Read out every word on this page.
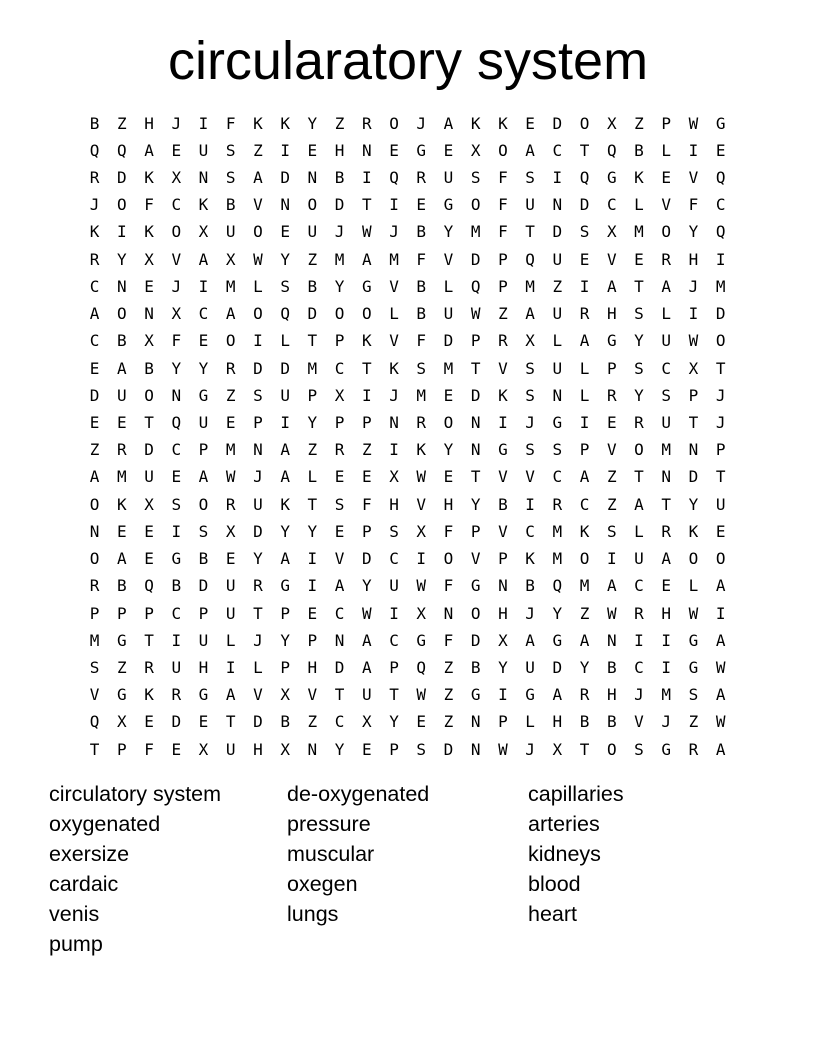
circularatory system
B	Z	H	J	I	F	K	K	Y	Z	R	O	J	A	K	K	E	D	O	X	Z	P	W	G
Q	Q	A	E	U	S	Z	I	E	H	N	E	G	E	X	O	A	C	T	Q	B	L	I	E
R	D	K	X	N	S	A	D	N	B	I	Q	R	U	S	F	S	I	Q	G	K	E	V	Q
J	O	F	C	K	B	V	N	O	D	T	I	E	G	O	F	U	N	D	C	L	V	F	C
K	I	K	O	X	U	O	E	U	J	W	J	B	Y	M	F	T	D	S	X	M	O	Y	Q
R	Y	X	V	A	X	W	Y	Z	M	A	M	F	V	D	P	Q	U	E	V	E	R	H	I
C	N	E	J	I	M	L	S	B	Y	G	V	B	L	Q	P	M	Z	I	A	T	A	J	M
A	O	N	X	C	A	O	Q	D	O	O	L	B	U	W	Z	A	U	R	H	S	L	I	D
C	B	X	F	E	O	I	L	T	P	K	V	F	D	P	R	X	L	A	G	Y	U	W	O
E	A	B	Y	Y	R	D	D	M	C	T	K	S	M	T	V	S	U	L	P	S	C	X	T
D	U	O	N	G	Z	S	U	P	X	I	J	M	E	D	K	S	N	L	R	Y	S	P	J
E	E	T	Q	U	E	P	I	Y	P	P	N	R	O	N	I	J	G	I	E	R	U	T	J
Z	R	D	C	P	M	N	A	Z	R	Z	I	K	Y	N	G	S	S	P	V	O	M	N	P
A	M	U	E	A	W	J	A	L	E	E	X	W	E	T	V	V	C	A	Z	T	N	D	T
O	K	X	S	O	R	U	K	T	S	F	H	V	H	Y	B	I	R	C	Z	A	T	Y	U
N	E	E	I	S	X	D	Y	Y	E	P	S	X	F	P	V	C	M	K	S	L	R	K	E
O	A	E	G	B	E	Y	A	I	V	D	C	I	O	V	P	K	M	O	I	U	A	O	O
R	B	Q	B	D	U	R	G	I	A	Y	U	W	F	G	N	B	Q	M	A	C	E	L	A
P	P	P	C	P	U	T	P	E	C	W	I	X	N	O	H	J	Y	Z	W	R	H	W	I
M	G	T	I	U	L	J	Y	P	N	A	C	G	F	D	X	A	G	A	N	I	I	G	A
S	Z	R	U	H	I	L	P	H	D	A	P	Q	Z	B	Y	U	D	Y	B	C	I	G	W
V	G	K	R	G	A	V	X	V	T	U	T	W	Z	G	I	G	A	R	H	J	M	S	A
Q	X	E	D	E	T	D	B	Z	C	X	Y	E	Z	N	P	L	H	B	B	V	J	Z	W
T	P	F	E	X	U	H	X	N	Y	E	P	S	D	N	W	J	X	T	O	S	G	R	A
circulatory system
oxygenated
exersize
cardaic
venis
pump
de-oxygenated
pressure
muscular
oxegen
lungs
capillaries
arteries
kidneys
blood
heart
